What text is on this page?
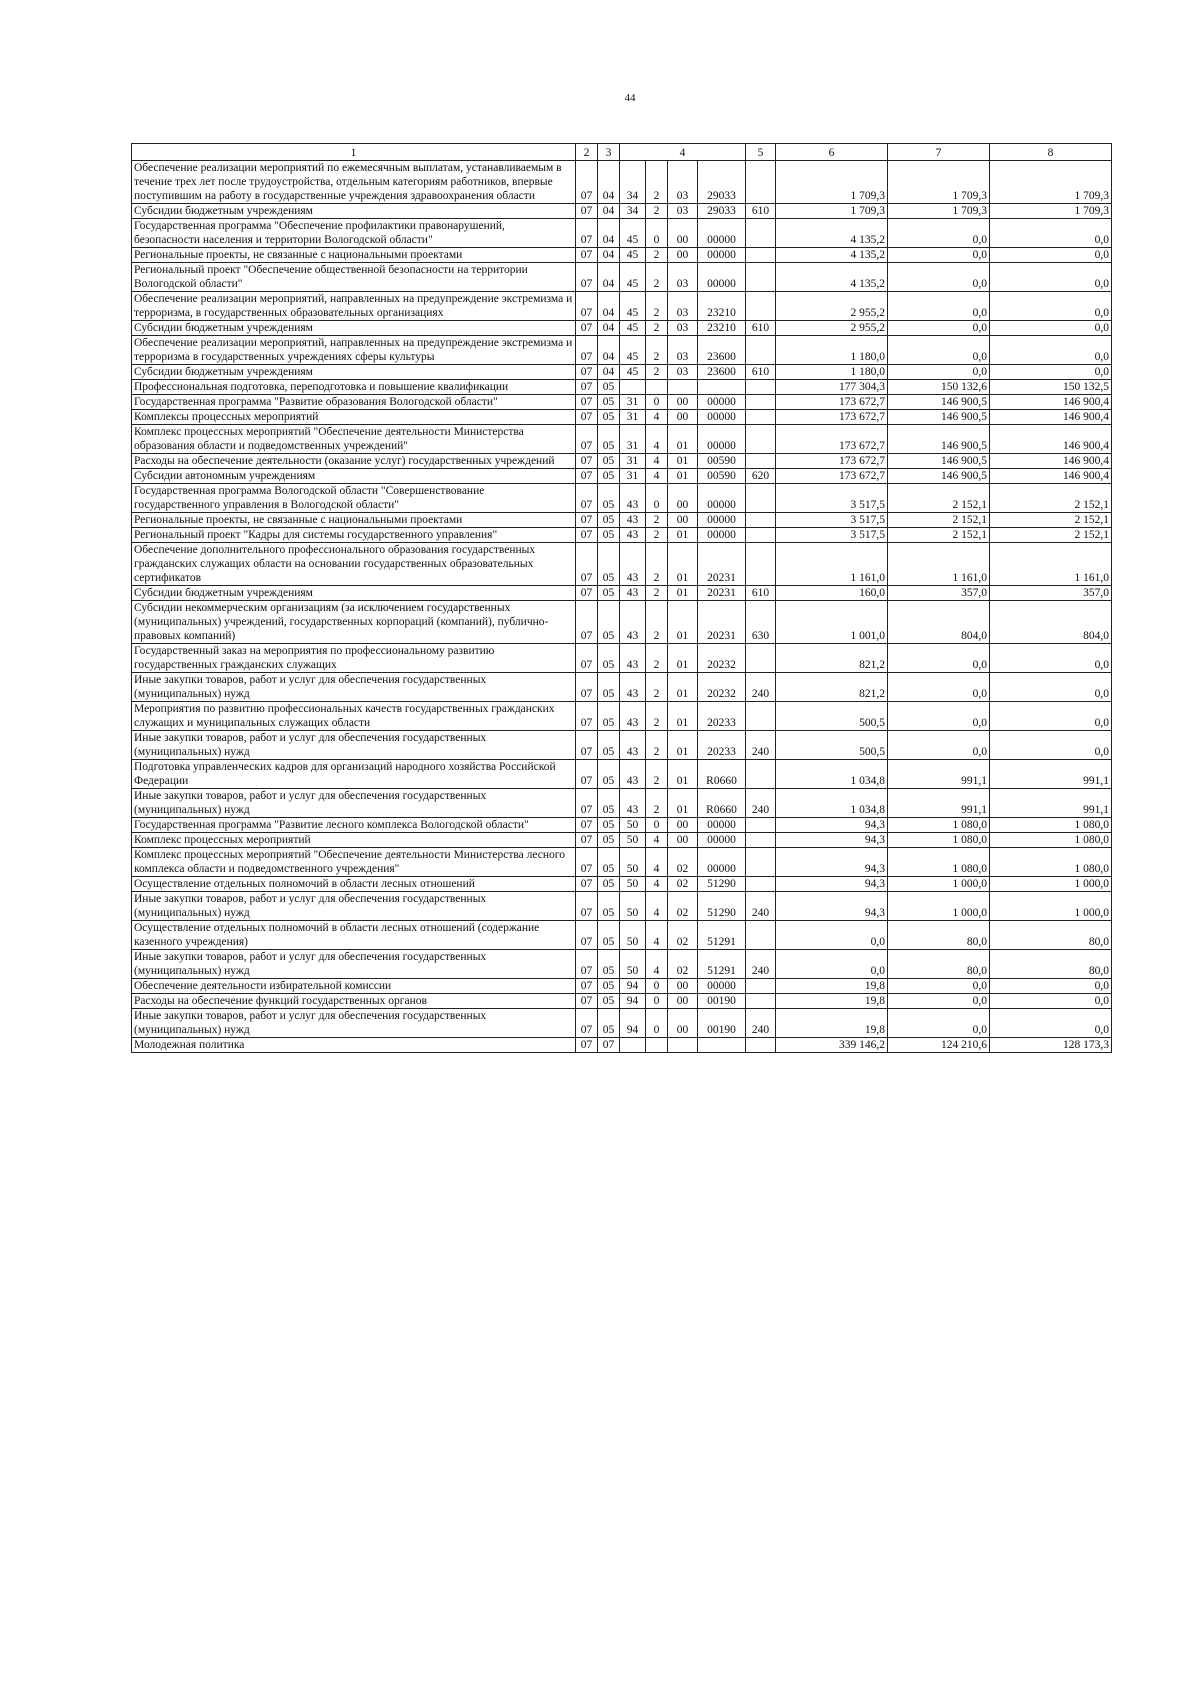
44
1	2	3	4				5	6	7	8
Обеспечение реализации мероприятий по ежемесячным выплатам, устанавливаемым в течение трех лет после трудоустройства, отдельным категориям работников, впервые поступившим на работу в государственные учреждения здравоохранения области	07	04	34	2	03	29033		1 709,3	1 709,3	1 709,3
Субсидии бюджетным учреждениям	07	04	34	2	03	29033	610	1 709,3	1 709,3	1 709,3
Государственная программа "Обеспечение профилактики правонарушений, безопасности населения и территории Вологодской области"	07	04	45	0	00	00000		4 135,2	0,0	0,0
Региональные проекты, не связанные с национальными проектами	07	04	45	2	00	00000		4 135,2	0,0	0,0
Региональный проект "Обеспечение общественной безопасности на территории Вологодской области"	07	04	45	2	03	00000		4 135,2	0,0	0,0
Обеспечение реализации мероприятий, направленных на предупреждение экстремизма и терроризма, в государственных образовательных организациях	07	04	45	2	03	23210		2 955,2	0,0	0,0
Субсидии бюджетным учреждениям	07	04	45	2	03	23210	610	2 955,2	0,0	0,0
Обеспечение реализации мероприятий, направленных на предупреждение экстремизма и терроризма в государственных учреждениях сферы культуры	07	04	45	2	03	23600		1 180,0	0,0	0,0
Субсидии бюджетным учреждениям	07	04	45	2	03	23600	610	1 180,0	0,0	0,0
Профессиональная подготовка, переподготовка и повышение квалификации	07	05						177 304,3	150 132,6	150 132,5
Государственная программа "Развитие образования Вологодской области"	07	05	31	0	00	00000		173 672,7	146 900,5	146 900,4
Комплексы процессных мероприятий	07	05	31	4	00	00000		173 672,7	146 900,5	146 900,4
Комплекс процессных мероприятий "Обеспечение деятельности Министерства образования области и подведомственных учреждений"	07	05	31	4	01	00000		173 672,7	146 900,5	146 900,4
Расходы на обеспечение деятельности (оказание услуг) государственных учреждений	07	05	31	4	01	00590		173 672,7	146 900,5	146 900,4
Субсидии автономным учреждениям	07	05	31	4	01	00590	620	173 672,7	146 900,5	146 900,4
Государственная программа Вологодской области "Совершенствование государственного управления в Вологодской области"	07	05	43	0	00	00000		3 517,5	2 152,1	2 152,1
Региональные проекты, не связанные с национальными проектами	07	05	43	2	00	00000		3 517,5	2 152,1	2 152,1
Региональный проект "Кадры для системы государственного управления"	07	05	43	2	01	00000		3 517,5	2 152,1	2 152,1
Обеспечение дополнительного профессионального образования государственных гражданских служащих области на основании государственных образовательных сертификатов	07	05	43	2	01	20231		1 161,0	1 161,0	1 161,0
Субсидии бюджетным учреждениям	07	05	43	2	01	20231	610	160,0	357,0	357,0
Субсидии некоммерческим организациям (за исключением государственных (муниципальных) учреждений, государственных корпораций (компаний), публично-правовых компаний)	07	05	43	2	01	20231	630	1 001,0	804,0	804,0
Государственный заказ на мероприятия по профессиональному развитию государственных гражданских служащих	07	05	43	2	01	20232		821,2	0,0	0,0
Иные закупки товаров, работ и услуг для обеспечения государственных (муниципальных) нужд	07	05	43	2	01	20232	240	821,2	0,0	0,0
Мероприятия по развитию профессиональных качеств государственных гражданских служащих и муниципальных служащих области	07	05	43	2	01	20233		500,5	0,0	0,0
Иные закупки товаров, работ и услуг для обеспечения государственных (муниципальных) нужд	07	05	43	2	01	20233	240	500,5	0,0	0,0
Подготовка управленческих кадров для организаций народного хозяйства Российской Федерации	07	05	43	2	01	R0660		1 034,8	991,1	991,1
Иные закупки товаров, работ и услуг для обеспечения государственных (муниципальных) нужд	07	05	43	2	01	R0660	240	1 034,8	991,1	991,1
Государственная программа "Развитие лесного комплекса Вологодской области"	07	05	50	0	00	00000		94,3	1 080,0	1 080,0
Комплекс процессных мероприятий	07	05	50	4	00	00000		94,3	1 080,0	1 080,0
Комплекс процессных мероприятий "Обеспечение деятельности Министерства лесного комплекса области и подведомственного учреждения"	07	05	50	4	02	00000		94,3	1 080,0	1 080,0
Осуществление отдельных полномочий в области лесных отношений	07	05	50	4	02	51290		94,3	1 000,0	1 000,0
Иные закупки товаров, работ и услуг для обеспечения государственных (муниципальных) нужд	07	05	50	4	02	51290	240	94,3	1 000,0	1 000,0
Осуществление отдельных полномочий в области лесных отношений (содержание казенного учреждения)	07	05	50	4	02	51291		0,0	80,0	80,0
Иные закупки товаров, работ и услуг для обеспечения государственных (муниципальных) нужд	07	05	50	4	02	51291	240	0,0	80,0	80,0
Обеспечение деятельности избирательной комиссии	07	05	94	0	00	00000		19,8	0,0	0,0
Расходы на обеспечение функций государственных органов	07	05	94	0	00	00190		19,8	0,0	0,0
Иные закупки товаров, работ и услуг для обеспечения государственных (муниципальных) нужд	07	05	94	0	00	00190	240	19,8	0,0	0,0
Молодежная политика	07	07						339 146,2	124 210,6	128 173,3
